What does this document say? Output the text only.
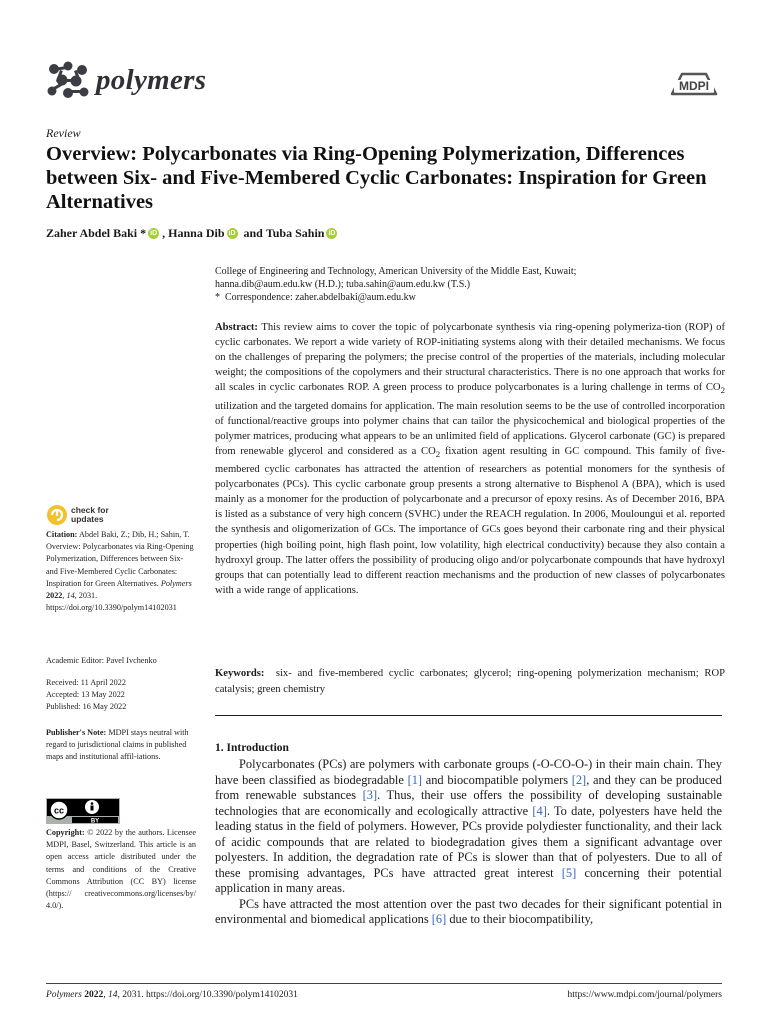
polymers	MDPI
Review
Overview: Polycarbonates via Ring-Opening Polymerization, Differences between Six- and Five-Membered Cyclic Carbonates: Inspiration for Green Alternatives
Zaher Abdel Baki * iD , Hanna Dib iD and Tuba Sahin iD
College of Engineering and Technology, American University of the Middle East, Kuwait;
hanna.dib@aum.edu.kw (H.D.); tuba.sahin@aum.edu.kw (T.S.)
*  Correspondence: zaher.abdelbaki@aum.edu.kw
Abstract: This review aims to cover the topic of polycarbonate synthesis via ring-opening polymeriza-tion (ROP) of cyclic carbonates. We report a wide variety of ROP-initiating systems along with their detailed mechanisms. We focus on the challenges of preparing the polymers; the precise control of the properties of the materials, including molecular weight; the compositions of the copolymers and their structural characteristics. There is no one approach that works for all scales in cyclic carbonates ROP. A green process to produce polycarbonates is a luring challenge in terms of $CO_2$ utilization and the targeted domains for application. The main resolution seems to be the use of controlled incorporation of functional/reactive groups into polymer chains that can tailor the physicochemical and biological properties of the polymer matrices, producing what appears to be an unlimited field of applications. Glycerol carbonate (GC) is prepared from renewable glycerol and considered as a $CO_2$ fixation agent resulting in GC compound. This family of five-membered cyclic carbonates has attracted the attention of researchers as potential monomers for the synthesis of polycarbonates (PCs). This cyclic carbonate group presents a strong alternative to Bisphenol A (BPA), which is used mainly as a monomer for the production of polycarbonate and a precursor of epoxy resins. As of December 2016, BPA is listed as a substance of very high concern (SVHC) under the REACH regulation. In 2006, Mouloungui et al. reported the synthesis and oligomerization of GCs. The importance of GCs goes beyond their carbonate ring and their physical properties (high boiling point, high flash point, low volatility, high electrical conductivity) because they also contain a hydroxyl group. The latter offers the possibility of producing oligo and/or polycarbonate compounds that have hydroxyl groups that can potentially lead to different reaction mechanisms and the production of new classes of polycarbonates with a wide range of applications.
Keywords:  six- and five-membered cyclic carbonates; glycerol; ring-opening polymerization mechanism; ROP catalysis; green chemistry
1. Introduction

Polycarbonates (PCs) are polymers with carbonate groups (-O-CO-O-) in their main chain. They have been classified as biodegradable [1] and biocompatible polymers [2], and they can be produced from renewable substances [3]. Thus, their use offers the possibility of developing sustainable technologies that are economically and ecologically attractive [4]. To date, polyesters have held the leading status in the field of polymers. However, PCs provide polydiester functionality, and their lack of acidic compounds that are related to biodegradation gives them a significant advantage over polyesters. In addition, the degradation rate of PCs is slower than that of polyesters. Due to all of these promising advantages, PCs have attracted great interest [5] concerning their potential application in many areas.

PCs have attracted the most attention over the past two decades for their significant potential in environmental and biomedical applications [6] due to their biocompatibility,

check for
updates
Citation: Abdel Baki, Z.; Dib, H.; Sahin, T. Overview: Polycarbonates via Ring-Opening Polymerization, Differences between Six- and Five-Membered Cyclic Carbonates: Inspiration for Green Alternatives. Polymers 2022, 14, 2031. https://doi.org/10.3390/polym14102031
Academic Editor: Pavel Ivchenko
Received: 11 April 2022
Accepted: 13 May 2022
Published: 16 May 2022
Publisher's Note: MDPI stays neutral with regard to jurisdictional claims in published maps and institutional affil-iations.
cc
BY
Copyright: © 2022 by the authors. Licensee MDPI, Basel, Switzerland. This article is an open access article distributed under the terms and conditions of the Creative Commons Attribution (CC BY) license (https:// creativecommons.org/licenses/by/ 4.0/).
Polymers 2022, 14, 2031. https://doi.org/10.3390/polym14102031	https://www.mdpi.com/journal/polymers
